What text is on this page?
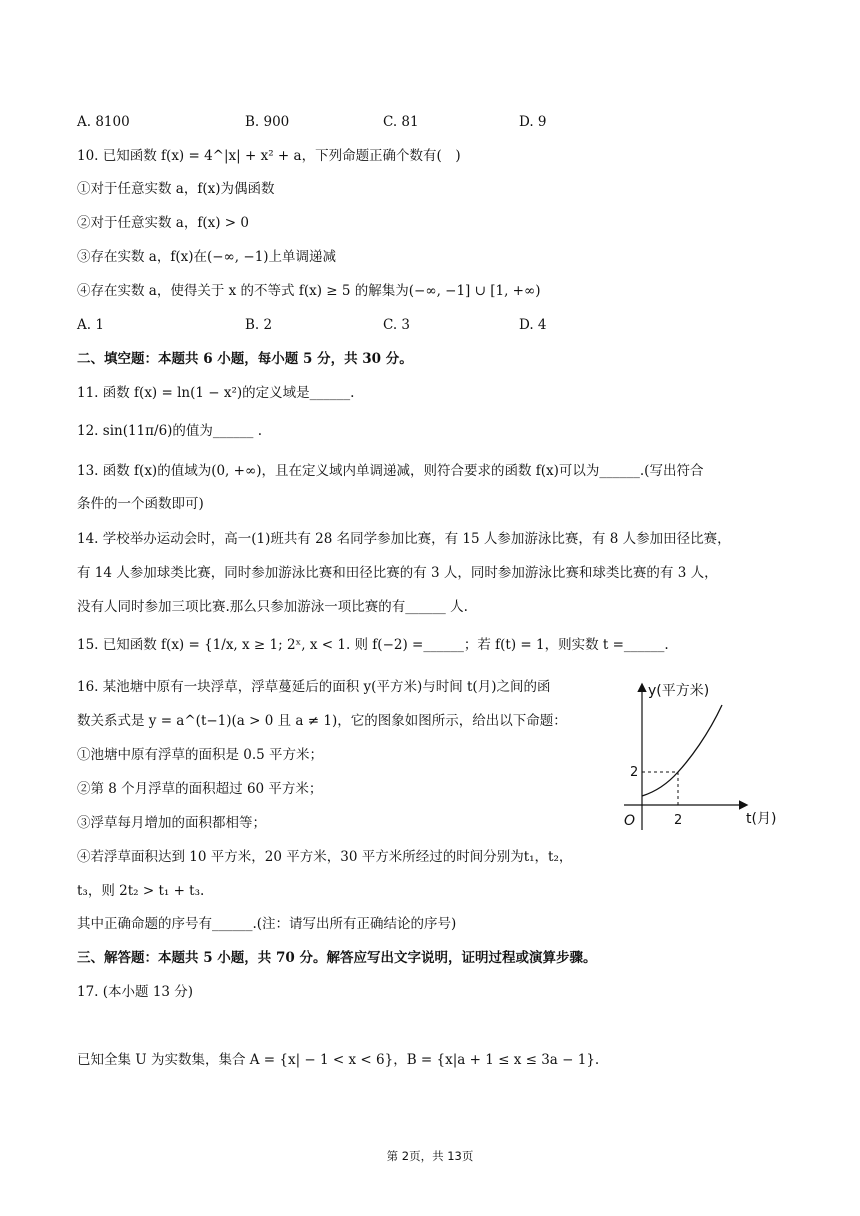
A. 8100	B. 900	C. 81	D. 9
10. 已知函数 f(x) = 4^|x| + x² + a，下列命题正确个数有(　)
①对于任意实数 a，f(x)为偶函数
②对于任意实数 a，f(x) > 0
③存在实数 a，f(x)在(−∞, −1)上单调递减
④存在实数 a，使得关于 x 的不等式 f(x) ≥ 5 的解集为(−∞, −1] ∪ [1, +∞)
A. 1	B. 2	C. 3	D. 4
二、填空题：本题共 6 小题，每小题 5 分，共 30 分。
11. 函数 f(x) = ln(1 − x²)的定义域是______.
12. sin(11π/6)的值为______ .
13. 函数 f(x)的值域为(0, +∞)，且在定义域内单调递减，则符合要求的函数 f(x)可以为______.(写出符合
条件的一个函数即可)
14. 学校举办运动会时，高一(1)班共有 28 名同学参加比赛，有 15 人参加游泳比赛，有 8 人参加田径比赛，
有 14 人参加球类比赛，同时参加游泳比赛和田径比赛的有 3 人，同时参加游泳比赛和球类比赛的有 3 人，
没有人同时参加三项比赛.那么只参加游泳一项比赛的有______ 人.
15. 已知函数 f(x) = {1/x, x ≥ 1; 2ˣ, x < 1. 则 f(−2) =______；若 f(t) = 1，则实数 t =______.
16. 某池塘中原有一块浮草，浮草蔓延后的面积 y(平方米)与时间 t(月)之间的函
数关系式是 y = a^(t−1)(a > 0 且 a ≠ 1)，它的图象如图所示，给出以下命题：
①池塘中原有浮草的面积是 0.5 平方米；
②第 8 个月浮草的面积超过 60 平方米；
③浮草每月增加的面积都相等；
④若浮草面积达到 10 平方米，20 平方米，30 平方米所经过的时间分别为t₁，t₂，
t₃，则 2t₂ > t₁ + t₃.
其中正确命题的序号有______.(注：请写出所有正确结论的序号)
y(平方米)
t(月)
O
2
2
三、解答题：本题共 5 小题，共 70 分。解答应写出文字说明，证明过程或演算步骤。
17. (本小题 13 分)
已知全集 U 为实数集，集合 A = {x| − 1 < x < 6}，B = {x|a + 1 ≤ x ≤ 3a − 1}.
第 2页，共 13页
